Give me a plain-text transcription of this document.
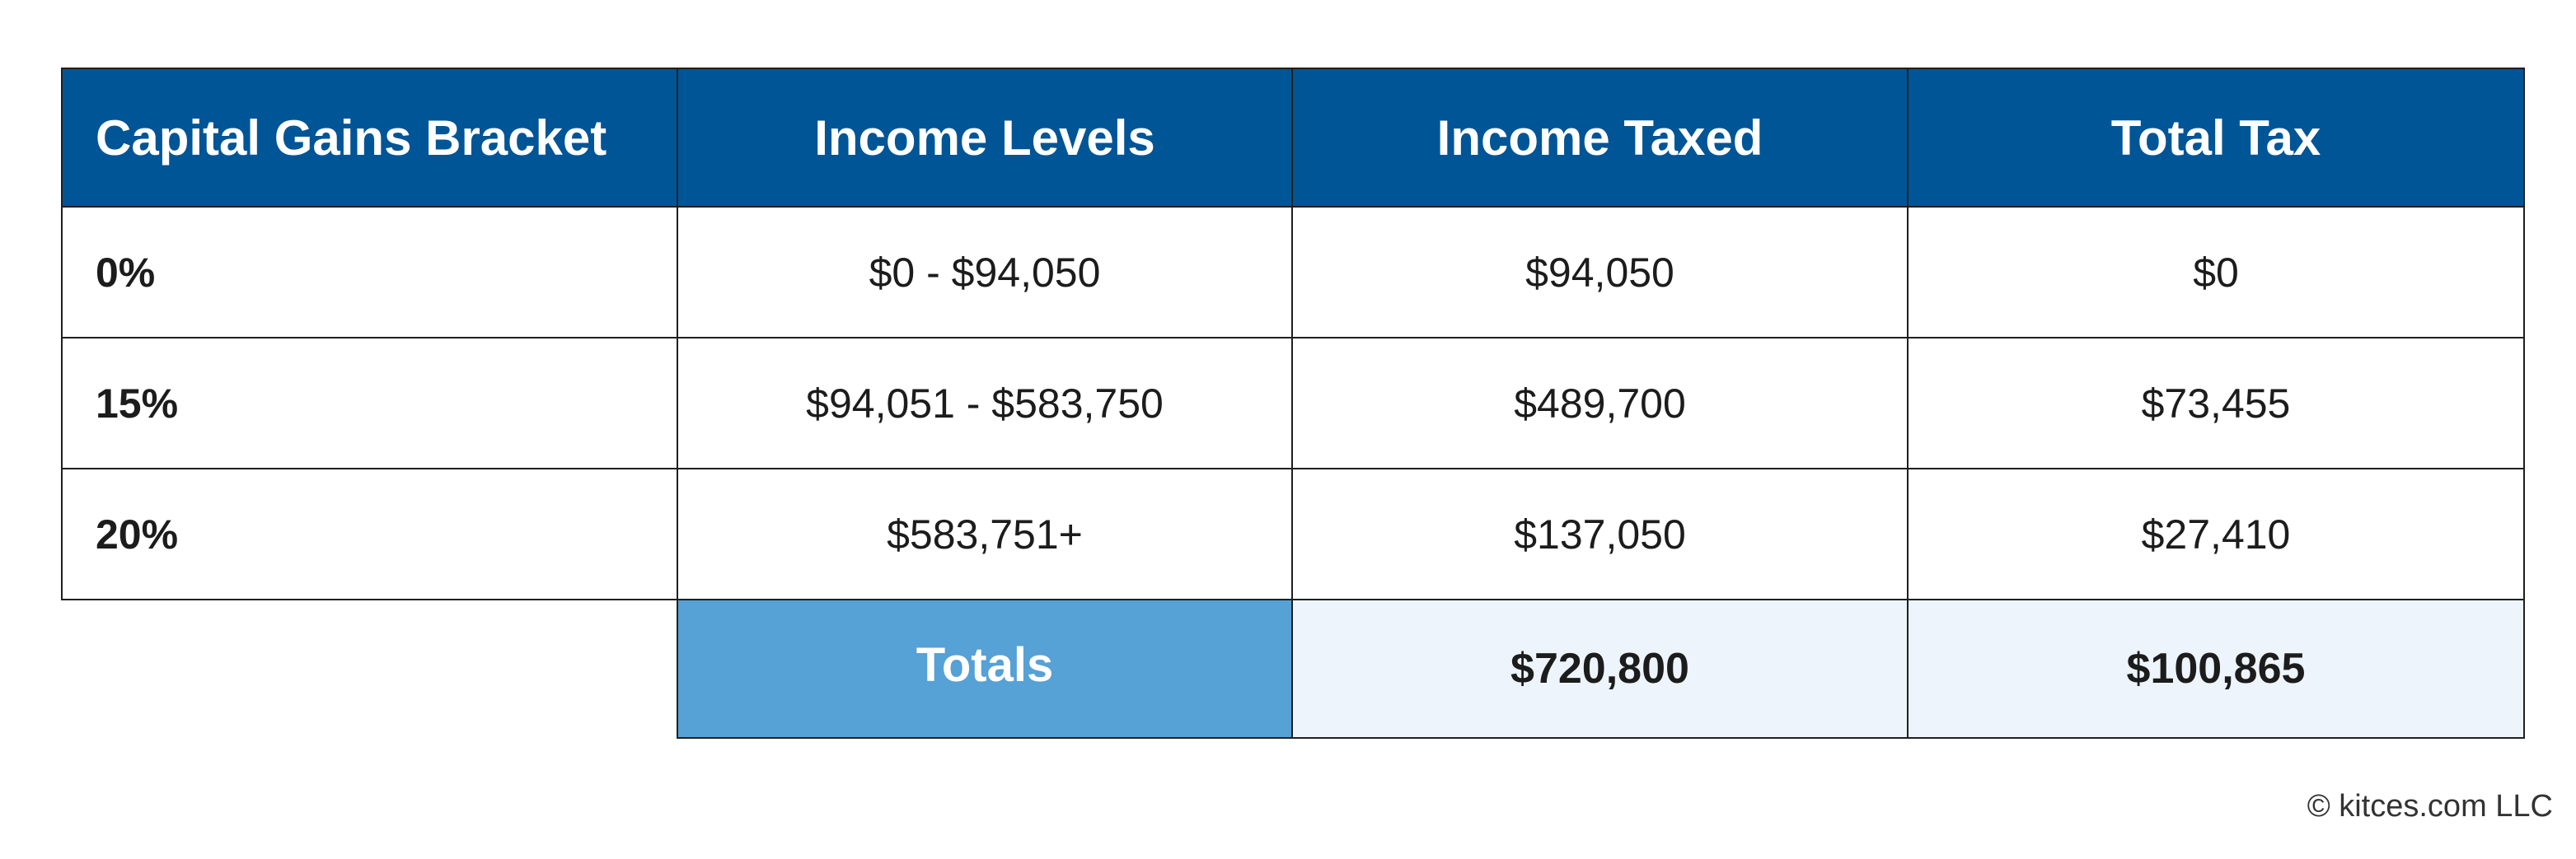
Capital Gains Bracket	Income Levels	Income Taxed	Total Tax
0%	$0 - $94,050	$94,050	$0
15%	$94,051 - $583,750	$489,700	$73,455
20%	$583,751+	$137,050	$27,410
	Totals	$720,800	$100,865
© kitces.com LLC
